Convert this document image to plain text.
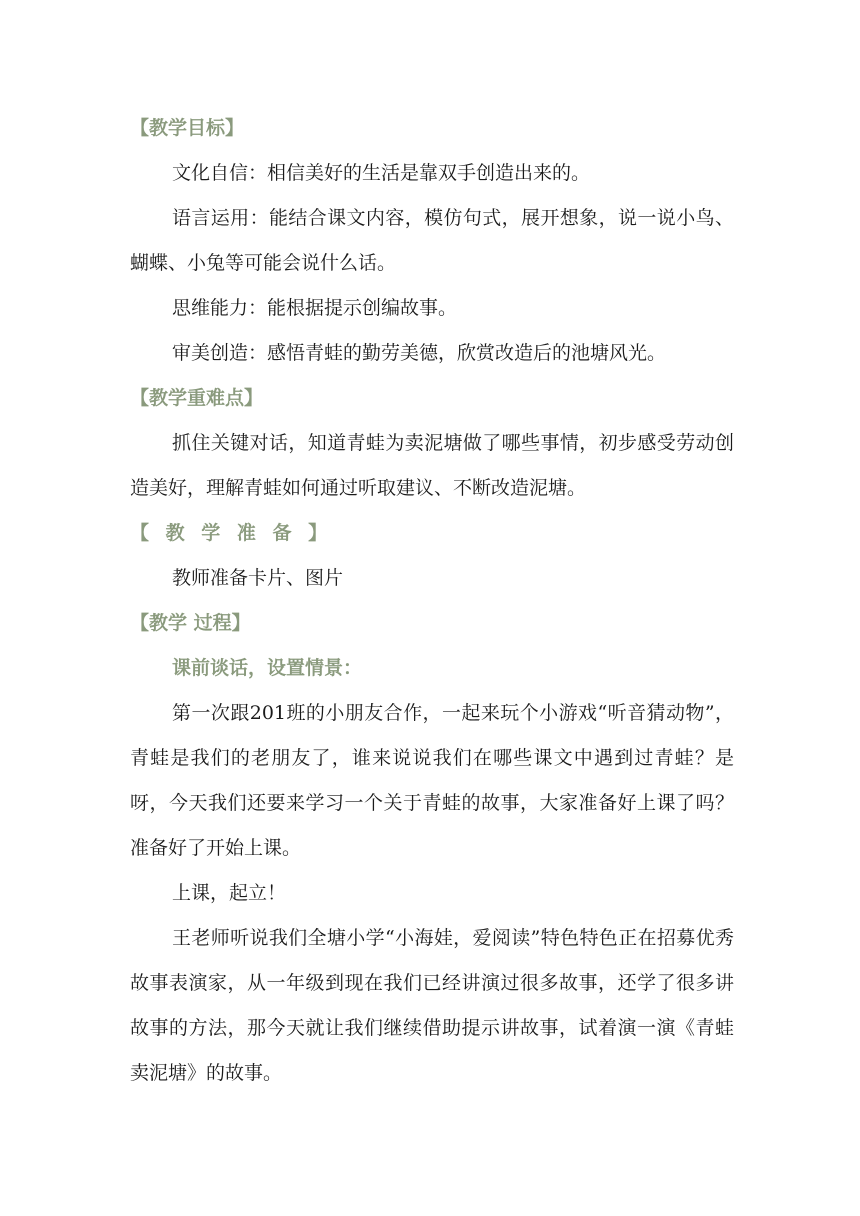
【教学目标】

文化自信：相信美好的生活是靠双手创造出来的。

语言运用：能结合课文内容，模仿句式，展开想象，说一说小鸟、蝴蝶、小兔等可能会说什么话。

思维能力：能根据提示创编故事。

审美创造：感悟青蛙的勤劳美德，欣赏改造后的池塘风光。

【教学重难点】

抓住关键对话，知道青蛙为卖泥塘做了哪些事情，初步感受劳动创造美好，理解青蛙如何通过听取建议、不断改造泥塘。

【 教 学 准 备 】

教师准备卡片、图片

【教学 过程】

课前谈话，设置情景：

第一次跟201班的小朋友合作，一起来玩个小游戏“听音猜动物”，青蛙是我们的老朋友了，谁来说说我们在哪些课文中遇到过青蛙？是呀，今天我们还要来学习一个关于青蛙的故事，大家准备好上课了吗？准备好了开始上课。

上课，起立！

王老师听说我们全塘小学“小海娃，爱阅读”特色特色正在招募优秀故事表演家，从一年级到现在我们已经讲演过很多故事，还学了很多讲故事的方法，那今天就让我们继续借助提示讲故事，试着演一演《青蛙卖泥塘》的故事。
